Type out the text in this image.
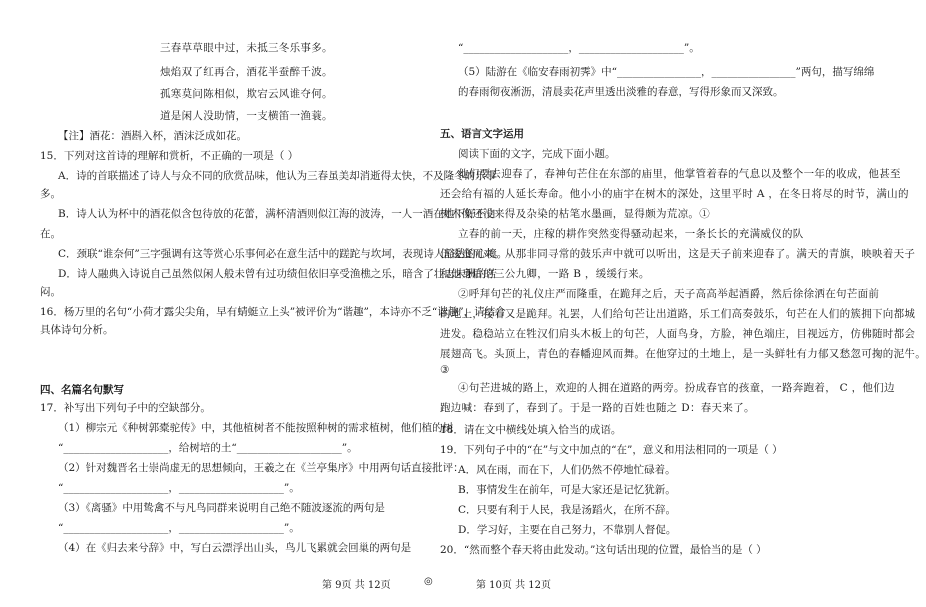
三春草草眼中过，未抵三冬乐事多。
烛焰双了红再合，酒花半蚕醉千波。
孤寒莫问陈相似，欺宕云风谁夺何。
道是闲人没助情，一支横笛一渔蓑。
【注】酒花：酒斟入杯，酒沫泛成如花。
15．下列对这首诗的理解和赏析，不正确的一项是（ ）
A．诗的首联描述了诗人与众不同的欣赏品味，他认为三春虽美却消逝得太快，不及隆冬的乐事
多。
B．诗人认为杯中的酒花似含包待放的花蕾，满杯清酒则似江海的波涛，一人一酒在她下好不自
在。
C．颈联“谁奈何”三字强调有这等赏心乐事何必在意生活中的蹉跎与坎坷，表现诗人豁达的心境。
D．诗人融典入诗说自己虽然似闲人般未曾有过功绩但依旧享受渔樵之乐，暗含了壮志未酬的苦
闷。
16．杨万里的名句“小荷才露尖尖角，早有蜻蜓立上头”被评价为“谐趣”，本诗亦不乏“谐趣”，请结合
具体诗句分析。
四、名篇名句默写
17．补写出下列句子中的空缺部分。
（1）柳宗元《种树郭橐驼传》中，其他植树者不能按照种树的需求植树，他们植的树
“____________________，给树培的土“____________________”。
（2）针对魏晋名士崇尚虚无的思想倾向，王羲之在《兰亭集序》中用两句话直接批评：
“____________________，____________________”。
（3）《离骚》中用鸷禽不与凡鸟同群来说明自己绝不随波逐流的两句是
“____________________，____________________”。
（4）在《归去来兮辞》中，写白云漂浮出山头，鸟儿飞累就会回巢的两句是
“____________________，____________________”。
（5）陆游在《临安春雨初霁》中“________________，________________”两句，描写绵绵
的春雨彻夜淅沥，清晨卖花声里透出淡雅的春意，写得形象而又深致。
五、语言文字运用
阅读下面的文字，完成下面小题。
他们要去迎春了，春神句芒住在东部的庙里，他掌管着春的气息以及整个一年的收成，他甚至
还会给有福的人延长寿命。他小小的庙宇在树木的深处，这里平时 A ，在冬日将尽的时节，满山的
树木像还没来得及杂染的枯笔水墨画，显得颇为荒凉。①
立春的前一天，庄稼的耕作突然变得骚动起来，一条长长的充满威仪的队
伍逶迤而来。从那非同寻常的鼓乐声中就可以听出，这是天子前来迎春了。满天的青旗，映映着天子
和他身后的三公九卿，一路 B ，缓缓行来。
②呼拜句芒的礼仪庄严而隆重，在跪拜之后，天子高高举起酒爵，然后徐徐洒在句芒面前
的地上，接着又是跪拜。礼罢，人们给句芒让出道路，乐工们高奏鼓乐，句芒在人们的簇拥下向都城
进发。稳稳站立在牲汉们肩头木板上的句芒，人面鸟身，方脸，神色端庄，目视远方，仿佛随时都会
展翅高飞。头顶上，青色的春幡迎风而舞。在他穿过的土地上，是一头鲜牡有力郁又愁忽可掬的泥牛。
③
④句芒进城的路上，欢迎的人拥在道路的两旁。扮成春官的孩童，一路奔跑着， C ，他们边
跑边喊：春到了，春到了。于是一路的百姓也随之 D：春天来了。
18．请在文中横线处填入恰当的成语。
19．下列句子中的“在”与文中加点的“在”，意义和用法相同的一项是（ ）
A．风在雨，而在下，人们仍然不停地忙碌着。
B．事情发生在前年，可是大家还是记忆犹新。
C．只要有利于人民，我是汤蹈火，在所不辞。
D．学习好，主要在自己努力，不靠别人督促。
20．“然而整个春天将由此发动。”这句话出现的位置，最恰当的是（ ）
第 9页 共 12页	◎	第 10页 共 12页
